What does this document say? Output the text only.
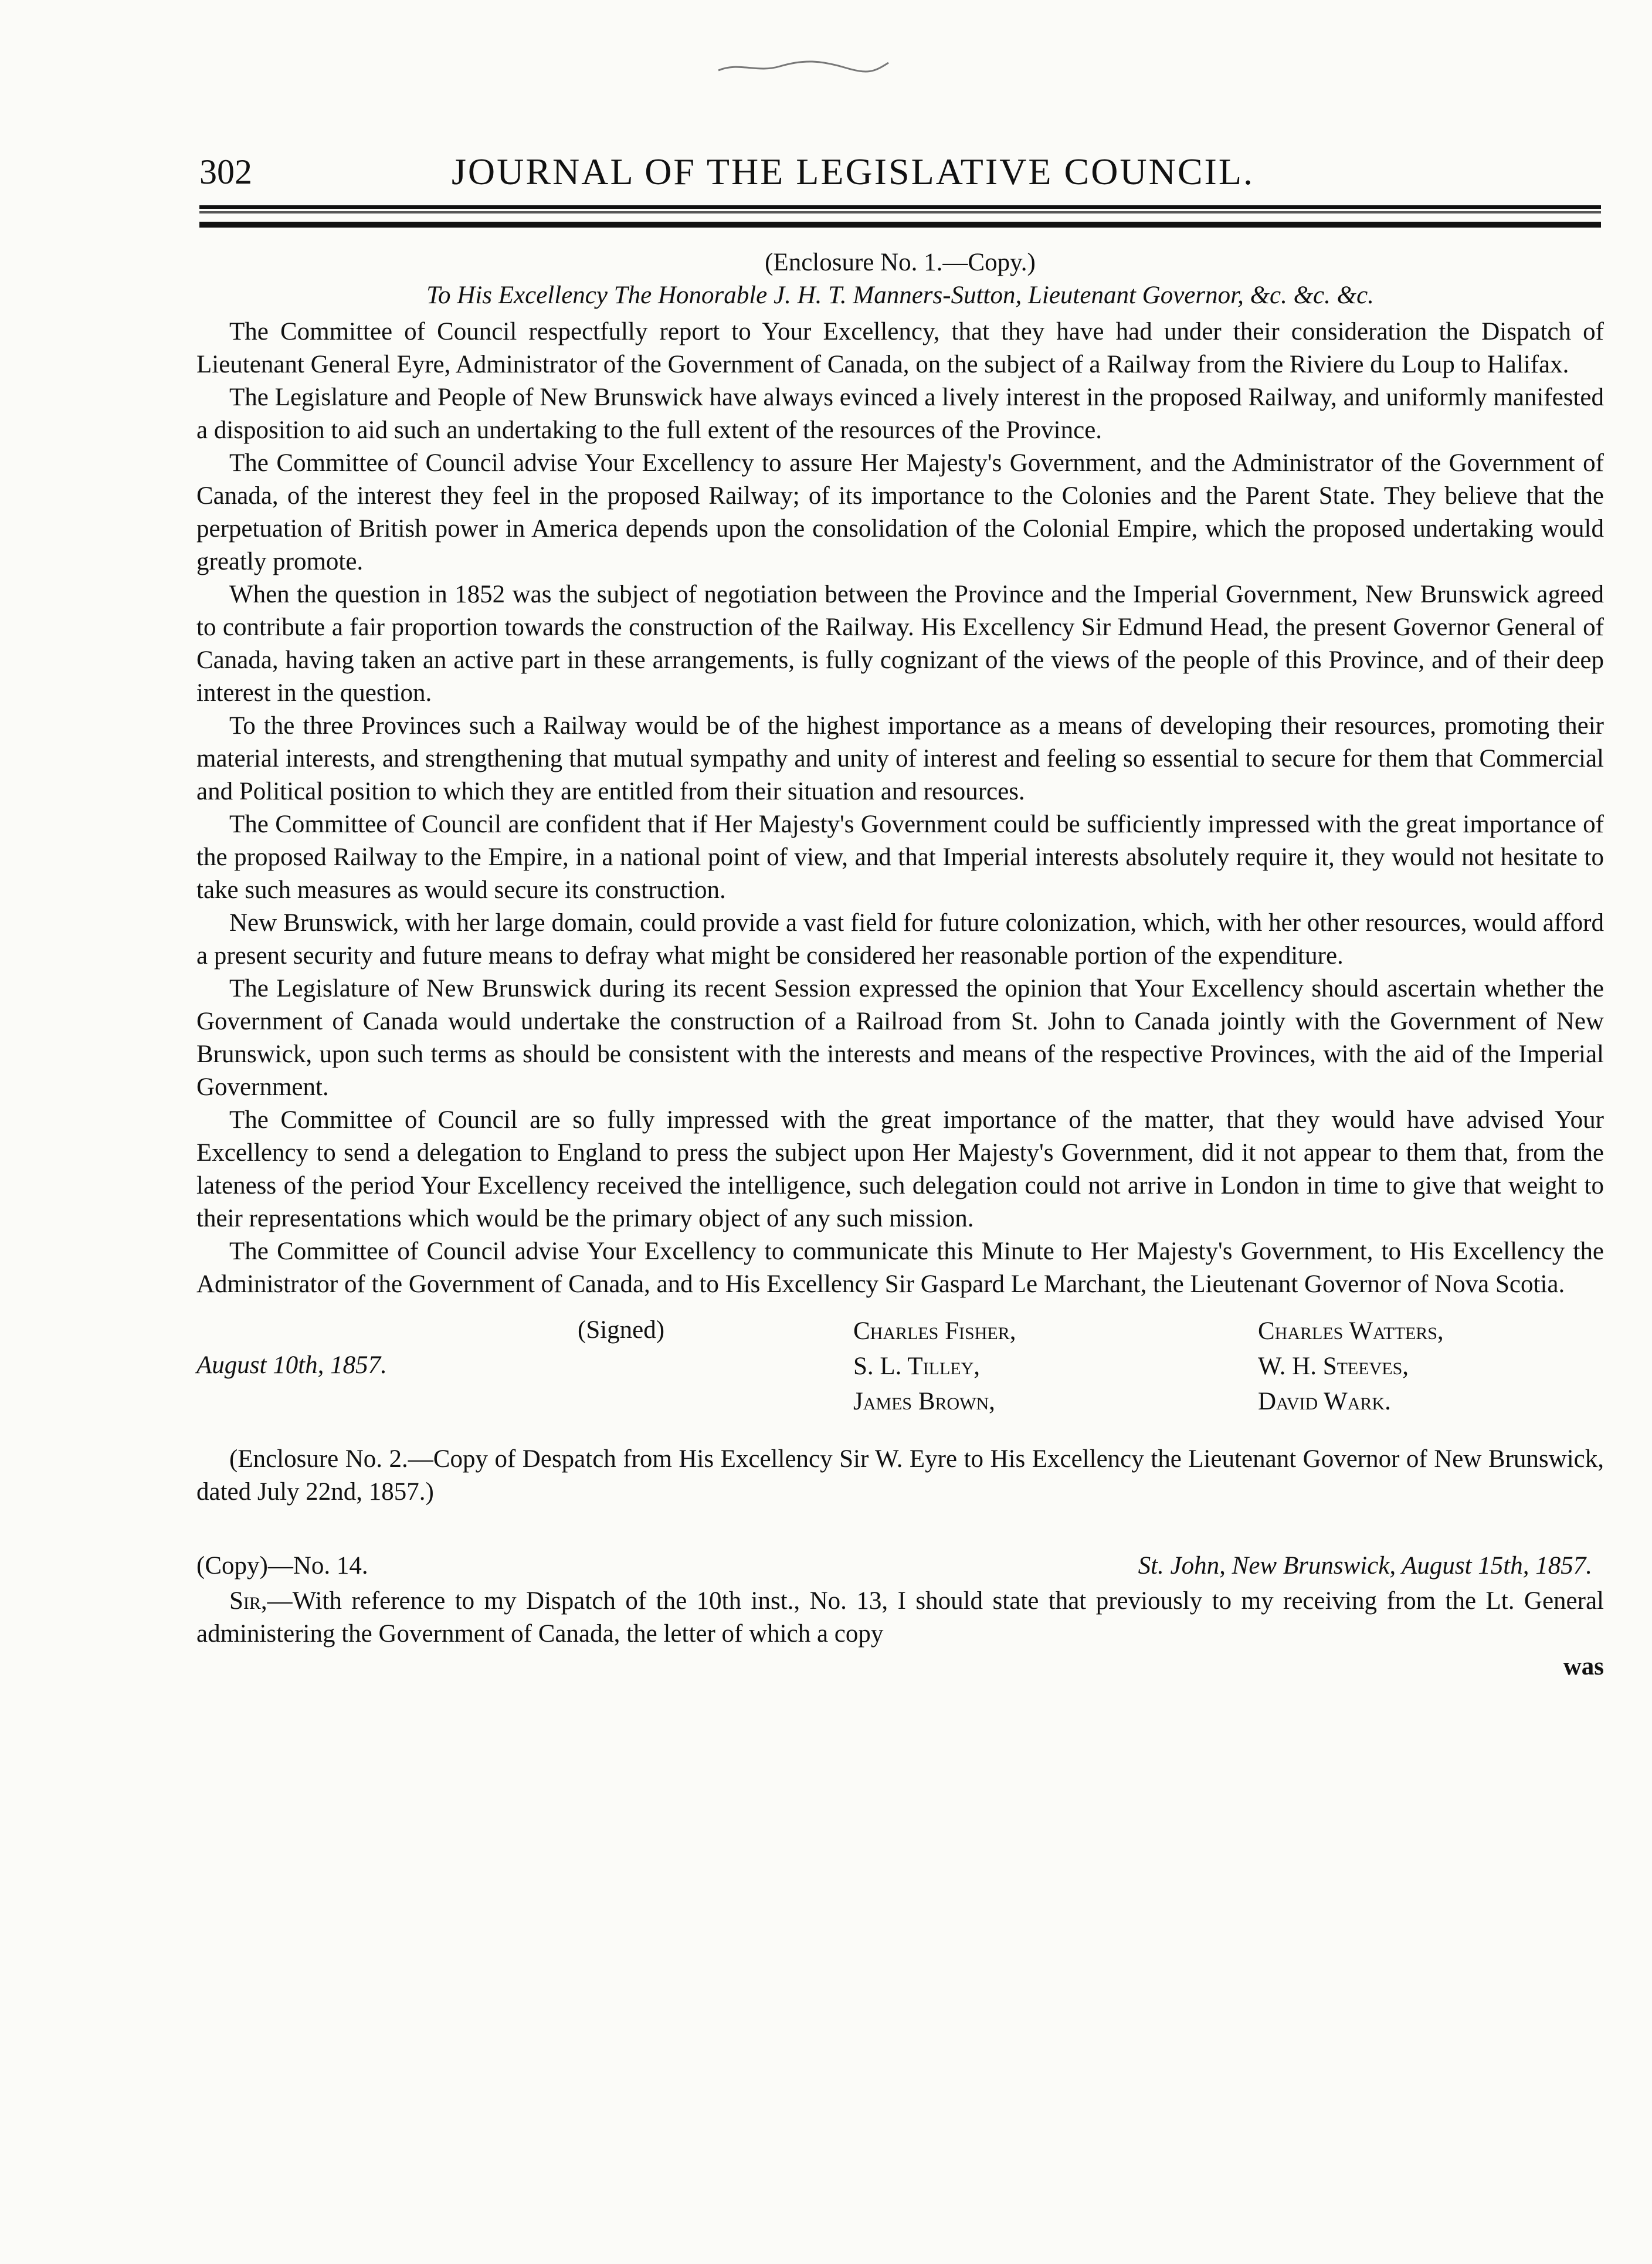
302	JOURNAL OF THE LEGISLATIVE COUNCIL.

(Enclosure No. 1.—Copy.)

To His Excellency The Honorable J. H. T. Manners-Sutton, Lieutenant Governor, &c. &c. &c.

The Committee of Council respectfully report to Your Excellency, that they have had under their consideration the Dispatch of Lieutenant General Eyre, Administrator of the Government of Canada, on the subject of a Railway from the Riviere du Loup to Halifax.

The Legislature and People of New Brunswick have always evinced a lively interest in the proposed Railway, and uniformly manifested a disposition to aid such an undertaking to the full extent of the resources of the Province.

The Committee of Council advise Your Excellency to assure Her Majesty's Government, and the Administrator of the Government of Canada, of the interest they feel in the proposed Railway; of its importance to the Colonies and the Parent State. They believe that the perpetuation of British power in America depends upon the consolidation of the Colonial Empire, which the proposed undertaking would greatly promote.

When the question in 1852 was the subject of negotiation between the Province and the Imperial Government, New Brunswick agreed to contribute a fair proportion towards the construction of the Railway. His Excellency Sir Edmund Head, the present Governor General of Canada, having taken an active part in these arrangements, is fully cognizant of the views of the people of this Province, and of their deep interest in the question.

To the three Provinces such a Railway would be of the highest importance as a means of developing their resources, promoting their material interests, and strengthening that mutual sympathy and unity of interest and feeling so essential to secure for them that Commercial and Political position to which they are entitled from their situation and resources.

The Committee of Council are confident that if Her Majesty's Government could be sufficiently impressed with the great importance of the proposed Railway to the Empire, in a national point of view, and that Imperial interests absolutely require it, they would not hesitate to take such measures as would secure its construction.

New Brunswick, with her large domain, could provide a vast field for future colonization, which, with her other resources, would afford a present security and future means to defray what might be considered her reasonable portion of the expenditure.

The Legislature of New Brunswick during its recent Session expressed the opinion that Your Excellency should ascertain whether the Government of Canada would undertake the construction of a Railroad from St. John to Canada jointly with the Government of New Brunswick, upon such terms as should be consistent with the interests and means of the respective Provinces, with the aid of the Imperial Government.

The Committee of Council are so fully impressed with the great importance of the matter, that they would have advised Your Excellency to send a delegation to England to press the subject upon Her Majesty's Government, did it not appear to them that, from the lateness of the period Your Excellency received the intelligence, such delegation could not arrive in London in time to give that weight to their representations which would be the primary object of any such mission.

The Committee of Council advise Your Excellency to communicate this Minute to Her Majesty's Government, to His Excellency the Administrator of the Government of Canada, and to His Excellency Sir Gaspard Le Marchant, the Lieutenant Governor of Nova Scotia.

(Signed)
August 10th, 1857.
Charles Fisher,
S. L. Tilley,
James Brown,
Charles Watters,
W. H. Steeves,
David Wark.

(Enclosure No. 2.—Copy of Despatch from His Excellency Sir W. Eyre to His Excellency the Lieutenant Governor of New Brunswick, dated July 22nd, 1857.)

(Copy)—No. 14.	St. John, New Brunswick, August 15th, 1857.

Sir,—With reference to my Dispatch of the 10th inst., No. 13, I should state that previously to my receiving from the Lt. General administering the Government of Canada, the letter of which a copy

was
